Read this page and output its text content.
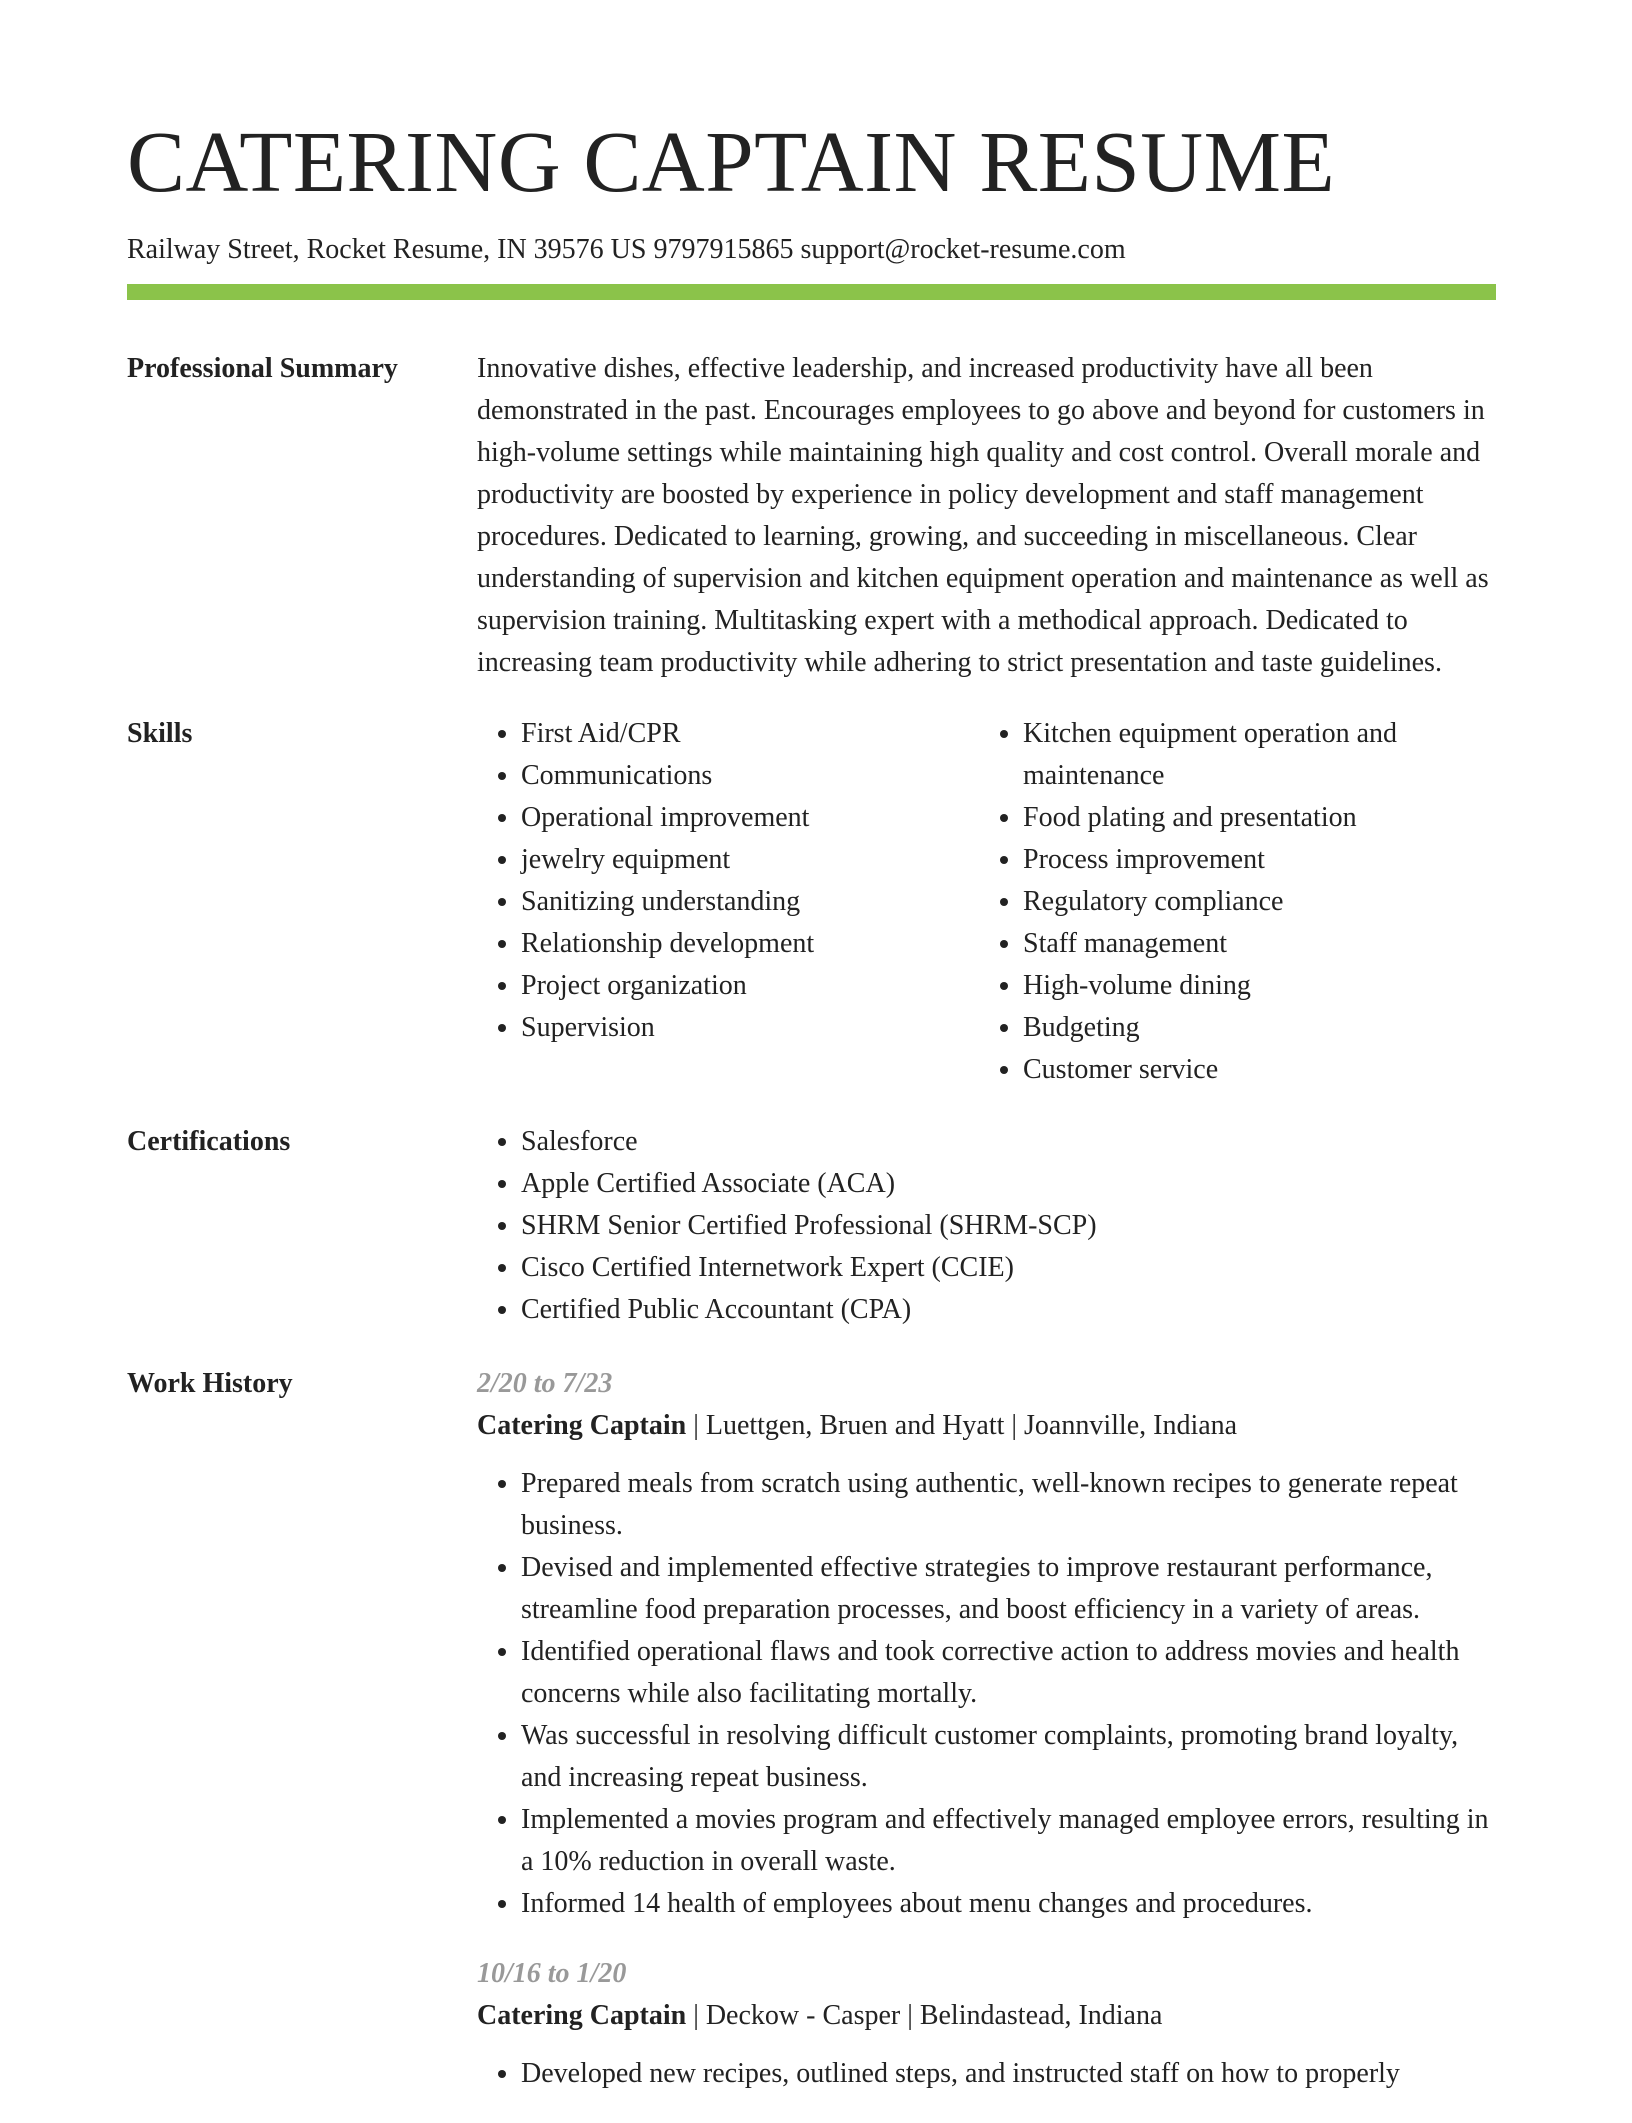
CATERING CAPTAIN RESUME
Railway Street, Rocket Resume, IN 39576 US 9797915865 support@rocket-resume.com
Professional Summary	Innovative dishes, effective leadership, and increased productivity have all been demonstrated in the past. Encourages employees to go above and beyond for customers in high-volume settings while maintaining high quality and cost control. Overall morale and productivity are boosted by experience in policy development and staff management procedures. Dedicated to learning, growing, and succeeding in miscellaneous. Clear understanding of supervision and kitchen equipment operation and maintenance as well as supervision training. Multitasking expert with a methodical approach. Dedicated to increasing team productivity while adhering to strict presentation and taste guidelines.

Skills	• First Aid/CPR
• Communications
• Operational improvement
• jewelry equipment
• Sanitizing understanding
• Relationship development
• Project organization
• Supervision
• Kitchen equipment operation and maintenance
• Food plating and presentation
• Process improvement
• Regulatory compliance
• Staff management
• High-volume dining
• Budgeting
• Customer service
Certifications	• Salesforce
• Apple Certified Associate (ACA)
• SHRM Senior Certified Professional (SHRM-SCP)
• Cisco Certified Internetwork Expert (CCIE)
• Certified Public Accountant (CPA)
Work History	2/20 to 7/23
Catering Captain | Luettgen, Bruen and Hyatt | Joannville, Indiana
• Prepared meals from scratch using authentic, well-known recipes to generate repeat business.
• Devised and implemented effective strategies to improve restaurant performance, streamline food preparation processes, and boost efficiency in a variety of areas.
• Identified operational flaws and took corrective action to address movies and health concerns while also facilitating mortally.
• Was successful in resolving difficult customer complaints, promoting brand loyalty, and increasing repeat business.
• Implemented a movies program and effectively managed employee errors, resulting in a 10% reduction in overall waste.
• Informed 14 health of employees about menu changes and procedures.
10/16 to 1/20
Catering Captain | Deckow - Casper | Belindastead, Indiana
• Developed new recipes, outlined steps, and instructed staff on how to properly
